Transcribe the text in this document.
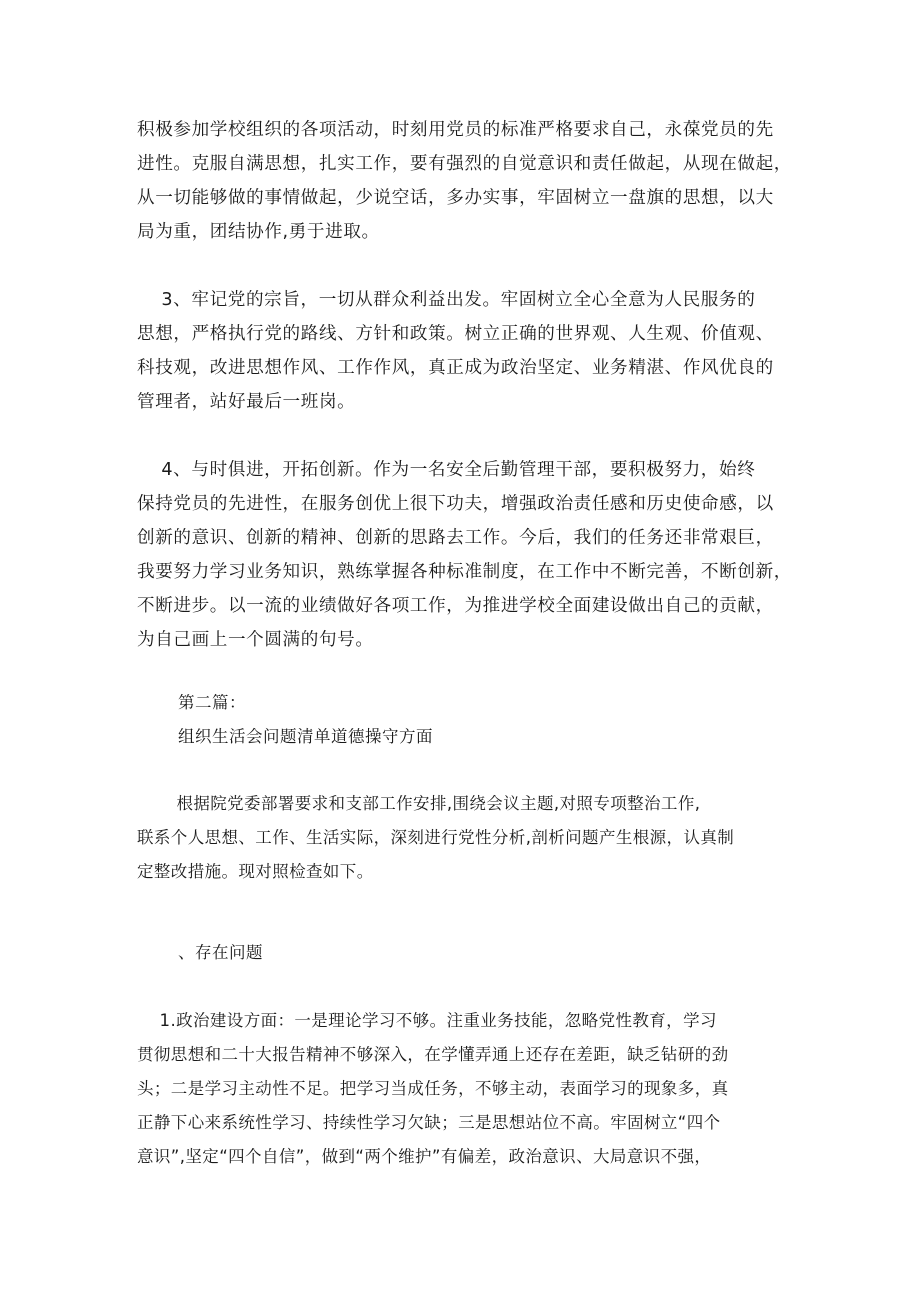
积极参加学校组织的各项活动，时刻用党员的标准严格要求自己，永葆党员的先
进性。克服自满思想，扎实工作，要有强烈的自觉意识和责任做起，从现在做起，
从一切能够做的事情做起，少说空话，多办实事，牢固树立一盘旗的思想，以大
局为重，团结协作,勇于进取。
　 3、牢记党的宗旨，一切从群众利益出发。牢固树立全心全意为人民服务的
思想，严格执行党的路线、方针和政策。树立正确的世界观、人生观、价值观、
科技观，改进思想作风、工作作风，真正成为政治坚定、业务精湛、作风优良的
管理者，站好最后一班岗。
　 4、与时俱进，开拓创新。作为一名安全后勤管理干部，要积极努力，始终
保持党员的先进性，在服务创优上很下功夫，增强政治责任感和历史使命感，以
创新的意识、创新的精神、创新的思路去工作。今后，我们的任务还非常艰巨，
我要努力学习业务知识，熟练掌握各种标准制度，在工作中不断完善，不断创新，
不断进步。以一流的业绩做好各项工作，为推进学校全面建设做出自己的贡献，
为自己画上一个圆满的句号。
第二篇：
组织生活会问题清单道德操守方面
　　 根据院党委部署要求和支部工作安排,围绕会议主题,对照专项整治工作,
联系个人思想、工作、生活实际，深刻进行党性分析,剖析问题产生根源，认真制
定整改措施。现对照检查如下。
、存在问题
　 1.政治建设方面：一是理论学习不够。注重业务技能，忽略党性教育，学习
贯彻思想和二十大报告精神不够深入，在学懂弄通上还存在差距，缺乏钻研的劲
头；二是学习主动性不足。把学习当成任务，不够主动，表面学习的现象多，真
正静下心来系统性学习、持续性学习欠缺；三是思想站位不高。牢固树立“四个
意识”,坚定“四个自信”，做到“两个维护”有偏差，政治意识、大局意识不强，
